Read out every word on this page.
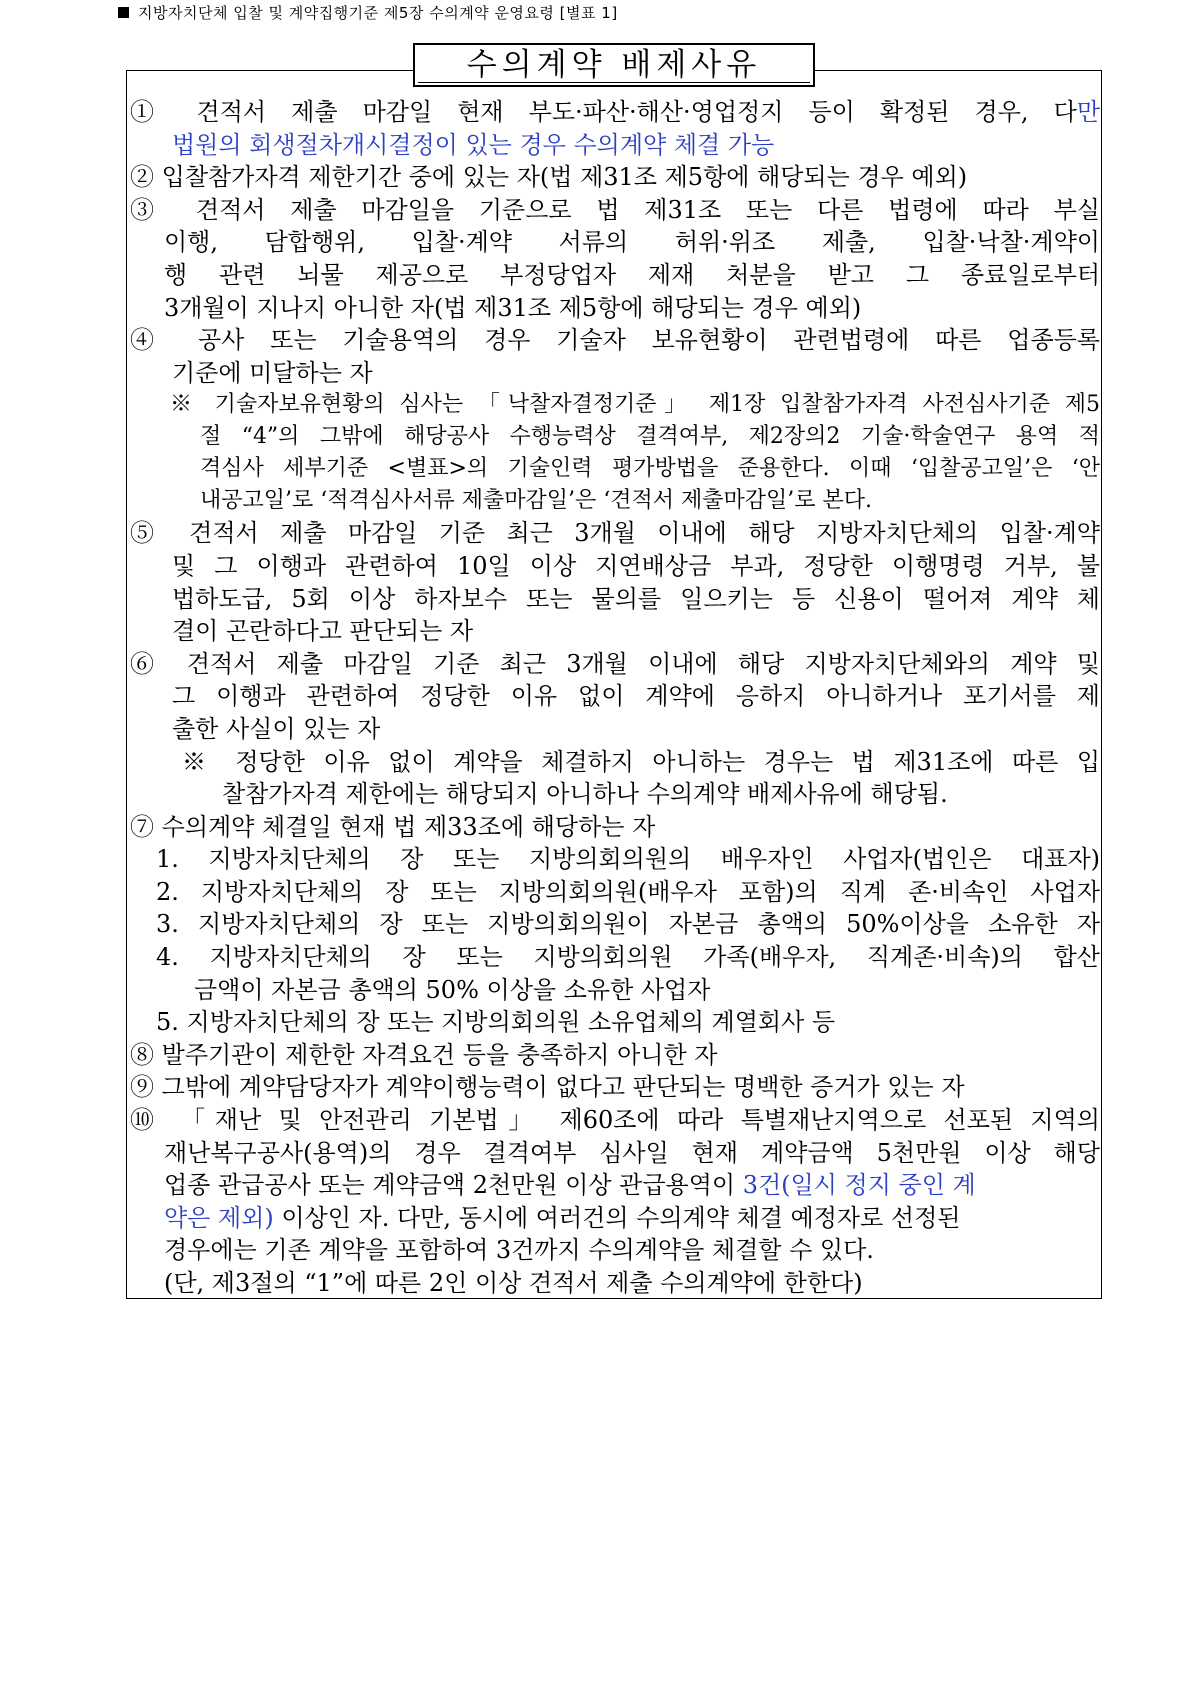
지방자치단체 입찰 및 계약집행기준 제5장 수의계약 운영요령 [별표 1]
수의계약 배제사유
① 견적서 제출 마감일 현재 부도·파산·해산·영업정지 등이 확정된 경우, 다만
법원의 회생절차개시결정이 있는 경우 수의계약 체결 가능
② 입찰참가자격 제한기간 중에 있는 자(법 제31조 제5항에 해당되는 경우 예외)
③ 견적서 제출 마감일을 기준으로 법 제31조 또는 다른 법령에 따라 부실
이행, 담합행위, 입찰·계약 서류의 허위·위조 제출, 입찰·낙찰·계약이
행 관련 뇌물 제공으로 부정당업자 제재 처분을 받고 그 종료일로부터
3개월이 지나지 아니한 자(법 제31조 제5항에 해당되는 경우 예외)
④ 공사 또는 기술용역의 경우 기술자 보유현황이 관련법령에 따른 업종등록
기준에 미달하는 자
※ 기술자보유현황의 심사는 「낙찰자결정기준」 제1장 입찰참가자격 사전심사기준 제5
절 “4”의 그밖에 해당공사 수행능력상 결격여부, 제2장의2 기술·학술연구 용역 적
격심사 세부기준 <별표>의 기술인력 평가방법을 준용한다. 이때 ‘입찰공고일’은 ‘안
내공고일’로 ‘적격심사서류 제출마감일’은 ‘견적서 제출마감일’로 본다.
⑤ 견적서 제출 마감일 기준 최근 3개월 이내에 해당 지방자치단체의 입찰·계약
및 그 이행과 관련하여 10일 이상 지연배상금 부과, 정당한 이행명령 거부, 불
법하도급, 5회 이상 하자보수 또는 물의를 일으키는 등 신용이 떨어져 계약 체
결이 곤란하다고 판단되는 자
⑥ 견적서 제출 마감일 기준 최근 3개월 이내에 해당 지방자치단체와의 계약 및
그 이행과 관련하여 정당한 이유 없이 계약에 응하지 아니하거나 포기서를 제
출한 사실이 있는 자
※ 정당한 이유 없이 계약을 체결하지 아니하는 경우는 법 제31조에 따른 입
찰참가자격 제한에는 해당되지 아니하나 수의계약 배제사유에 해당됨.
⑦ 수의계약 체결일 현재 법 제33조에 해당하는 자
1. 지방자치단체의 장 또는 지방의회의원의 배우자인 사업자(법인은 대표자)
2. 지방자치단체의 장 또는 지방의회의원(배우자 포함)의 직계 존·비속인 사업자
3. 지방자치단체의 장 또는 지방의회의원이 자본금 총액의 50%이상을 소유한 자
4. 지방자치단체의 장 또는 지방의회의원 가족(배우자, 직계존·비속)의 합산
금액이 자본금 총액의 50% 이상을 소유한 사업자
5. 지방자치단체의 장 또는 지방의회의원 소유업체의 계열회사 등
⑧ 발주기관이 제한한 자격요건 등을 충족하지 아니한 자
⑨ 그밖에 계약담당자가 계약이행능력이 없다고 판단되는 명백한 증거가 있는 자
⑩ 「재난 및 안전관리 기본법」 제60조에 따라 특별재난지역으로 선포된 지역의
재난복구공사(용역)의 경우 결격여부 심사일 현재 계약금액 5천만원 이상 해당
업종 관급공사 또는 계약금액 2천만원 이상 관급용역이 3건(일시 정지 중인 계
약은 제외) 이상인 자. 다만, 동시에 여러건의 수의계약 체결 예정자로 선정된
경우에는 기존 계약을 포함하여 3건까지 수의계약을 체결할 수 있다.
(단, 제3절의 “1”에 따른 2인 이상 견적서 제출 수의계약에 한한다)
